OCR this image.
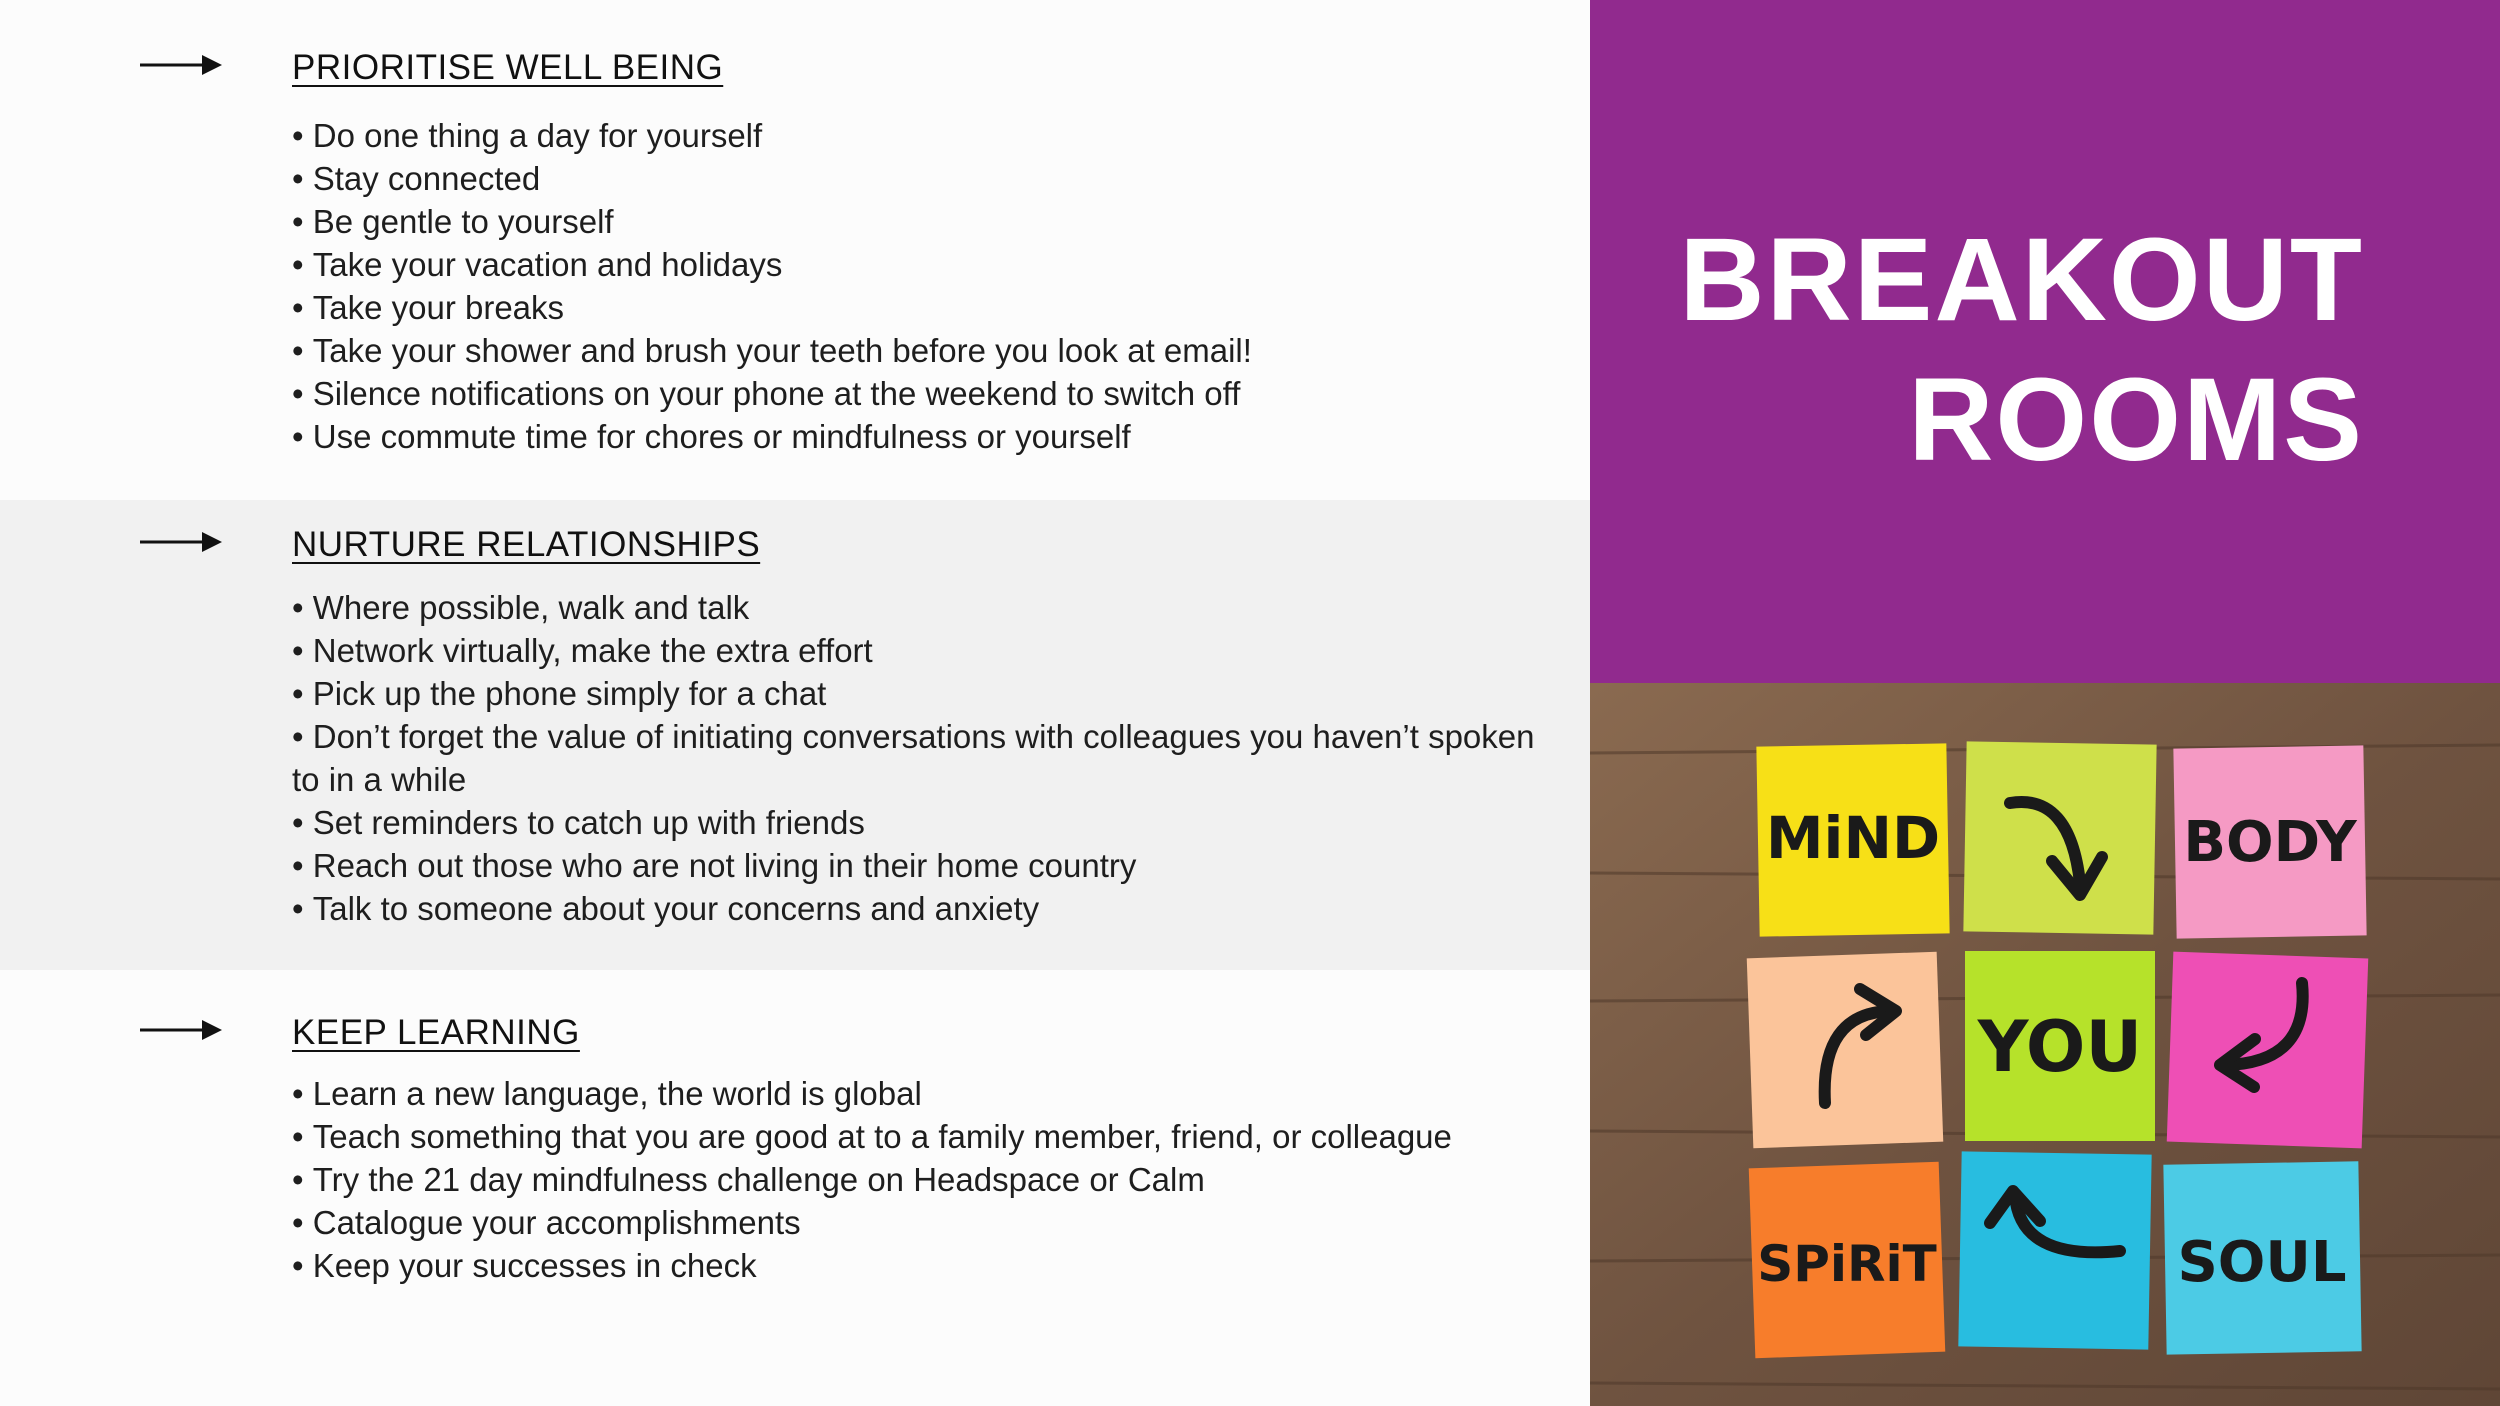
PRIORITISE WELL BEING
• Do one thing a day for yourself
• Stay connected
• Be gentle to yourself
• Take your vacation and holidays
• Take your breaks
• Take your shower and brush your teeth before you look at email!
• Silence notifications on your phone at the weekend to switch off
• Use commute time for chores or mindfulness or yourself
NURTURE RELATIONSHIPS
• Where possible, walk and talk
• Network virtually, make the extra effort
• Pick up the phone simply for a chat
• Don’t forget the value of initiating conversations with colleagues you haven’t spoken to in a while
• Set reminders to catch up with friends
• Reach out those who are not living in their home country
• Talk to someone about your concerns and anxiety
KEEP LEARNING
• Learn a new language, the world is global
• Teach something that you are good at to a family member, friend, or colleague
• Try the 21 day mindfulness challenge on Headspace or Calm
• Catalogue your accomplishments
• Keep your successes in check
BREAKOUT
ROOMS
MiND	BODY
YOU
SPiRiT	SOUL
